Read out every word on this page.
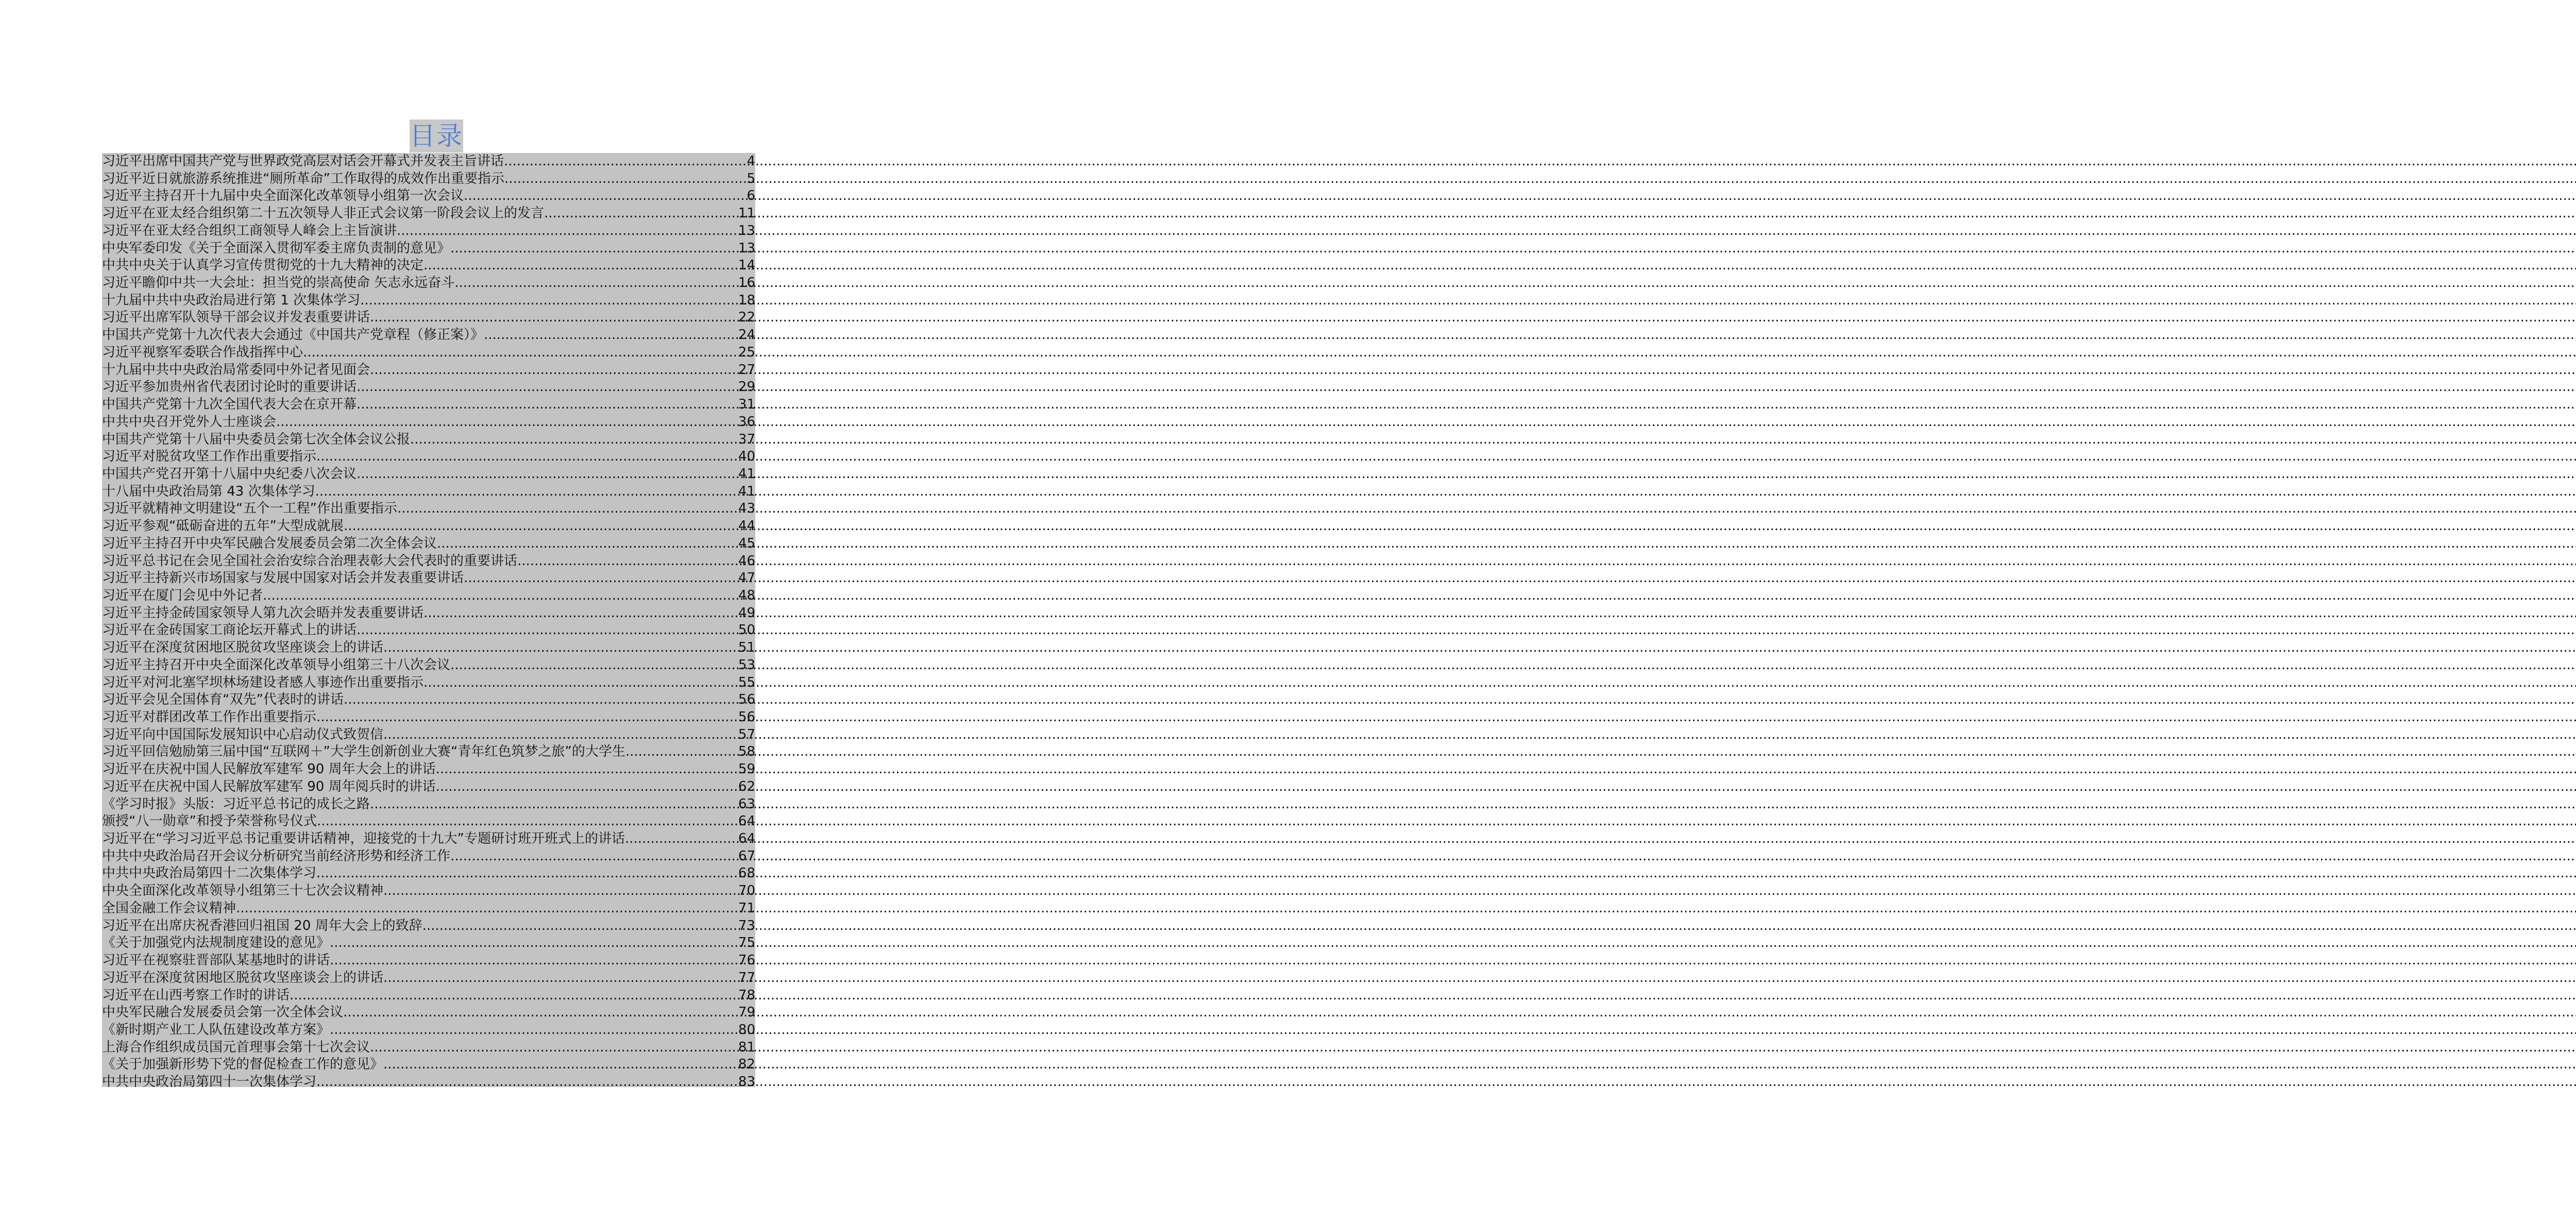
目录
习近平出席中国共产党与世界政党高层对话会开幕式并发表主旨讲话 .....	4
习近平近日就旅游系统推进“厕所革命”工作取得的成效作出重要指示 .....	5
习近平主持召开十九届中央全面深化改革领导小组第一次会议 .....	6
习近平在亚太经合组织第二十五次领导人非正式会议第一阶段会议上的发言 .....	11
习近平在亚太经合组织工商领导人峰会上主旨演讲 .....	13
中央军委印发《关于全面深入贯彻军委主席负责制的意见》 .....	13
中共中央关于认真学习宣传贯彻党的十九大精神的决定 .....	14
习近平瞻仰中共一大会址：担当党的崇高使命 矢志永远奋斗 .....	16
十九届中共中央政治局进行第 1 次集体学习 .....	18
习近平出席军队领导干部会议并发表重要讲话 .....	22
中国共产党第十九次代表大会通过《中国共产党章程（修正案）》 .....	24
习近平视察军委联合作战指挥中心 .....	25
十九届中共中央政治局常委同中外记者见面会 .....	27
习近平参加贵州省代表团讨论时的重要讲话 .....	29
中国共产党第十九次全国代表大会在京开幕 .....	31
中共中央召开党外人士座谈会 .....	36
中国共产党第十八届中央委员会第七次全体会议公报 .....	37
习近平对脱贫攻坚工作作出重要指示 .....	40
中国共产党召开第十八届中央纪委八次会议 .....	41
十八届中央政治局第 43 次集体学习 .....	41
习近平就精神文明建设“五个一工程”作出重要指示 .....	43
习近平参观“砥砺奋进的五年”大型成就展 .....	44
习近平主持召开中央军民融合发展委员会第二次全体会议 .....	45
习近平总书记在会见全国社会治安综合治理表彰大会代表时的重要讲话 .....	46
习近平主持新兴市场国家与发展中国家对话会并发表重要讲话 .....	47
习近平在厦门会见中外记者 .....	48
习近平主持金砖国家领导人第九次会晤并发表重要讲话 .....	49
习近平在金砖国家工商论坛开幕式上的讲话 .....	50
习近平在深度贫困地区脱贫攻坚座谈会上的讲话 .....	51
习近平主持召开中央全面深化改革领导小组第三十八次会议 .....	53
习近平对河北塞罕坝林场建设者感人事迹作出重要指示 .....	55
习近平会见全国体育“双先”代表时的讲话 .....	56
习近平对群团改革工作作出重要指示 .....	56
习近平向中国国际发展知识中心启动仪式致贺信 .....	57
习近平回信勉励第三届中国“互联网＋”大学生创新创业大赛“青年红色筑梦之旅”的大学生 .....	58
习近平在庆祝中国人民解放军建军 90 周年大会上的讲话 .....	59
习近平在庆祝中国人民解放军建军 90 周年阅兵时的讲话 .....	62
《学习时报》头版：习近平总书记的成长之路 .....	63
颁授“八一勋章”和授予荣誉称号仪式 .....	64
习近平在“学习习近平总书记重要讲话精神，迎接党的十九大”专题研讨班开班式上的讲话 .....	64
中共中央政治局召开会议分析研究当前经济形势和经济工作 .....	67
中共中央政治局第四十二次集体学习 .....	68
中央全面深化改革领导小组第三十七次会议精神 .....	70
全国金融工作会议精神 .....	71
习近平在出席庆祝香港回归祖国 20 周年大会上的致辞 .....	73
《关于加强党内法规制度建设的意见》 .....	75
习近平在视察驻晋部队某基地时的讲话 .....	76
习近平在深度贫困地区脱贫攻坚座谈会上的讲话 .....	77
习近平在山西考察工作时的讲话 .....	78
中央军民融合发展委员会第一次全体会议 .....	79
《新时期产业工人队伍建设改革方案》 .....	80
上海合作组织成员国元首理事会第十七次会议 .....	81
《关于加强新形势下党的督促检查工作的意见》 .....	82
中共中央政治局第四十一次集体学习 .....	83
